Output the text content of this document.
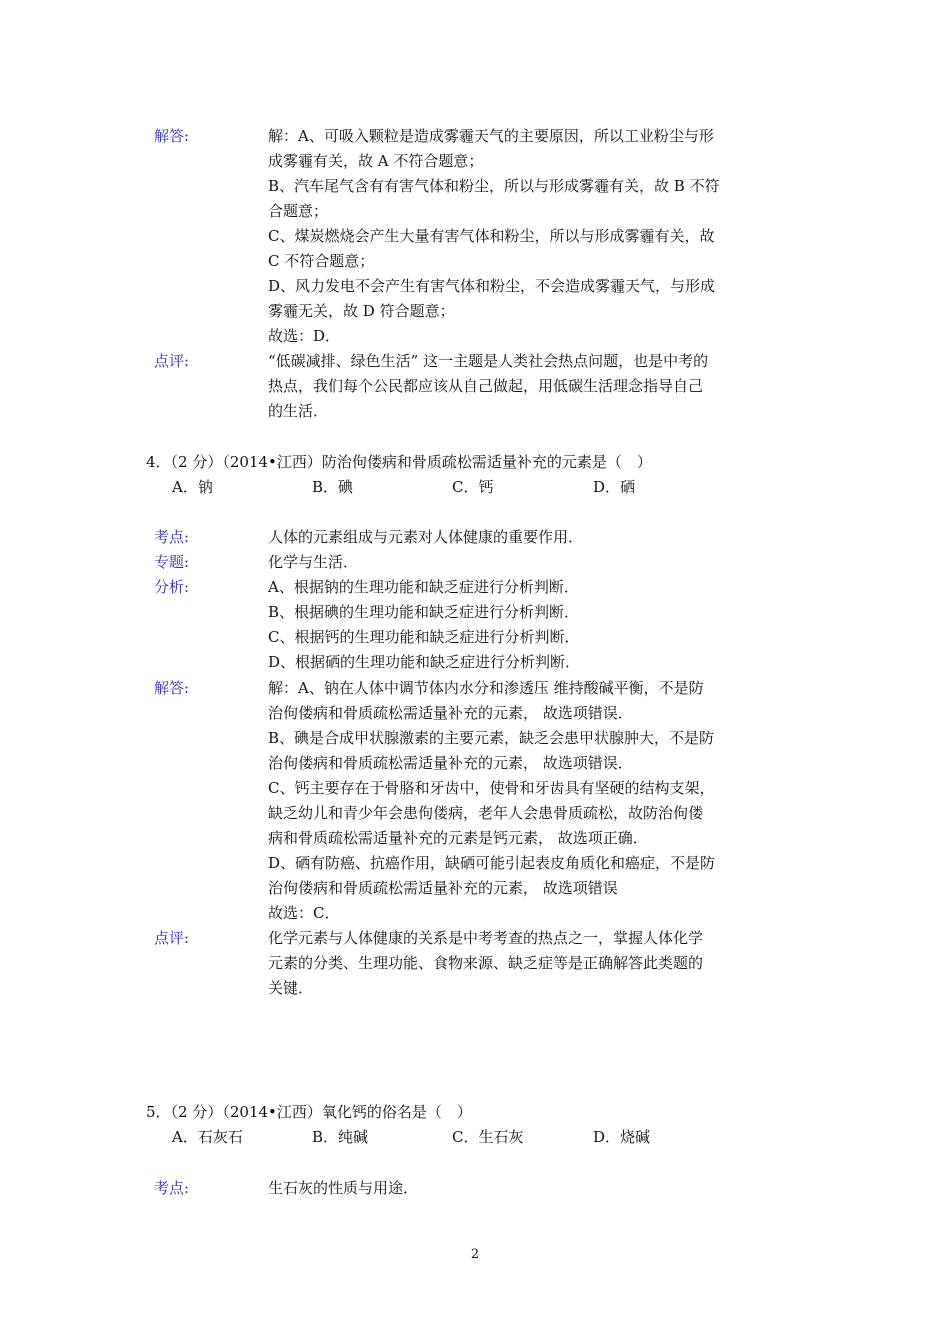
解答:	解：A、可吸入颗粒是造成雾霾天气的主要原因，所以工业粉尘与形
成雾霾有关，故 A 不符合题意；
B、汽车尾气含有有害气体和粉尘，所以与形成雾霾有关，故 B 不符
合题意；
C、煤炭燃烧会产生大量有害气体和粉尘，所以与形成雾霾有关，故
C 不符合题意；
D、风力发电不会产生有害气体和粉尘，不会造成雾霾天气，与形成
雾霾无关，故 D 符合题意；
故选：D．
点评:	“低碳减排、绿色生活” 这一主题是人类社会热点问题，也是中考的
热点，我们每个公民都应该从自己做起，用低碳生活理念指导自己
的生活．
4．（2 分）（2014•江西）防治佝偻病和骨质疏松需适量补充的元素是（　）
A．钠	B．碘	C．钙	D．硒
考点:	人体的元素组成与元素对人体健康的重要作用．
专题:	化学与生活．
分析:	A、根据钠的生理功能和缺乏症进行分析判断．
B、根据碘的生理功能和缺乏症进行分析判断．
C、根据钙的生理功能和缺乏症进行分析判断．
D、根据硒的生理功能和缺乏症进行分析判断．
解答:	解：A、钠在人体中调节体内水分和渗透压 维持酸碱平衡，不是防
治佝偻病和骨质疏松需适量补充的元素， 故选项错误．
B、碘是合成甲状腺激素的主要元素，缺乏会患甲状腺肿大，不是防
治佝偻病和骨质疏松需适量补充的元素， 故选项错误．
C、钙主要存在于骨胳和牙齿中，使骨和牙齿具有坚硬的结构支架，
缺乏幼儿和青少年会患佝偻病，老年人会患骨质疏松，故防治佝偻
病和骨质疏松需适量补充的元素是钙元素， 故选项正确．
D、硒有防癌、抗癌作用，缺硒可能引起表皮角质化和癌症，不是防
治佝偻病和骨质疏松需适量补充的元素， 故选项错误
故选：C．
点评:	化学元素与人体健康的关系是中考考查的热点之一，掌握人体化学
元素的分类、生理功能、食物来源、缺乏症等是正确解答此类题的
关键．
5．（2 分）（2014•江西）氧化钙的俗名是（　）
A．石灰石	B．纯碱	C．生石灰	D．烧碱
考点:	生石灰的性质与用途．
2
